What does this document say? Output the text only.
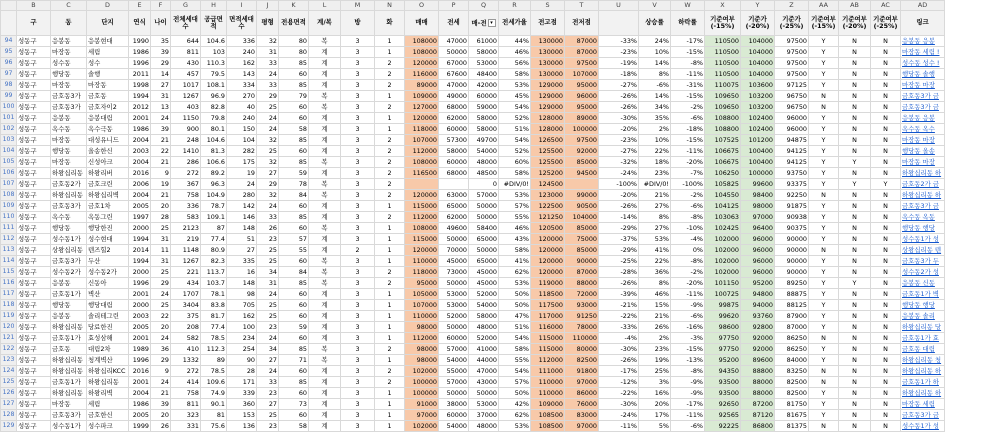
	B	C	D	E	F	G	H	I	J	K	L	M	N	O	P	Q	R	S	T	U	V	W	X	Y	Z	AA	AB	AC	AD
	구	동	단지	연식	나이	전체세대수	공급면적	면적세대수	평형	전용면적	계/복	방	화	매매	전세	매-전 ▾	전세가율	전고점	전저점		상승률	하락률	기준여부(-15%)	기준가(-20%)	기준가(-25%)	기준여부(-15%)	기준여부(-20%)	기준여부(-25%)	링크
94	성동구	응봉동	응봉현대	1990	35	644	104.6	336	32	80	복	3	1	108000	47000	61000	44%	130000	87000	-33%	24%	-17%	110500	104000	97500	Y	N	N	응봉동 응봉
95	성동구	마장동	세림	1986	39	811	103	240	31	80	계	3	1	108000	50000	58000	46%	130000	87000	-23%	10%	-15%	110500	104000	97500	Y	N	N	마장동 세림 !
96	성동구	성수동	성수	1996	29	430	110.3	162	33	85	계	3	2	120000	67000	53000	56%	130000	97500	-19%	14%	-8%	110500	104000	97500	Y	N	N	성수동 성수 !
97	성동구	행당동	솔행	2011	14	457	79.5	143	24	60	계	3	2	116000	67600	48400	58%	130000	107000	-18%	8%	-11%	110500	104000	97500	Y	N	N	행당동 솔행
98	성동구	마장동	마장동	1998	27	1017	108.1	334	33	85	계	3	2	89000	47000	42000	53%	129000	95000	-27%	-6%	-31%	110075	103600	97125	Y	N	N	마장동 마장
99	성동구	금호동3가	금호동	1994	31	1267	96.9	270	29	79	복	3	1	109000	49000	60000	45%	129000	96000	-26%	14%	-15%	109650	103200	96750	N	N	N	금호동3가 금
100	성동구	금호동3가	금호자이2	2012	13	403	82.8	40	25	60	복	3	2	127000	68000	59000	54%	129000	95000	-26%	34%	-2%	109650	103200	96750	N	N	N	금호동3가 금
101	성동구	응봉동	응봉대림	2001	24	1150	79.8	240	24	60	계	3	1	120000	62000	58000	52%	128000	89000	-30%	35%	-6%	108800	102400	96000	Y	N	N	응봉동 응봉
102	성동구	옥수동	옥수극동	1986	39	900	80.1	150	24	58	계	3	1	118000	60000	58000	51%	128000	100000	-20%	2%	-18%	108800	102400	96000	Y	N	N	옥수동 옥수
103	성동구	마장동	대성유니드	2004	21	248	104.6	104	32	85	계	3	2	107000	57300	49700	54%	126500	97500	-23%	10%	-15%	107525	101200	94875	Y	N	N	마장동 마장
104	성동구	행당동	올송한신	2003	22	1410	81.3	282	25	60	계	3	2	112000	58000	54000	52%	125500	92000	-27%	22%	-11%	106675	100400	94125	Y	N	N	행당동 올송
105	성동구	마장동	신성아크	2004	21	286	106.6	175	32	85	복	3	2	108000	60000	48000	60%	125500	85000	-32%	18%	-20%	106675	100400	94125	Y	Y	N	마장동 마장
106	성동구	하왕십리동	하왕리버	2016	9	272	89.2	19	27	59	계	3	2	116500	68000	48500	58%	125200	94500	-24%	23%	-7%	106250	100000	93750	Y	N	N	하왕십리동 하
107	성동구	금호동2가	금호크린	2006	19	367	96.3	24	29	78	복	3	2			0	#DIV/0!	124500		-100%	#DIV/0!	-100%	105825	99600	93375	Y	Y	Y	금호동2가 금
108	성동구	하왕십리동	하왕십리벽	2004	21	758	104.9	280	32	84	복	3	2	120000	63000	57000	53%	123000	99000	-20%	21%	-2%	104550	98400	92250	N	N	N	하왕십리동 하
109	성동구	금호동3가	금호1차	2005	20	336	78.7	142	24	60	계	3	1	115000	65000	50000	57%	122500	90500	-26%	27%	-6%	104125	98000	91875	Y	N	N	금호동3가 금
110	성동구	옥수동	옥동그린	1997	28	583	109.1	146	33	85	계	3	2	112000	62000	50000	55%	121250	104000	-14%	8%	-8%	103063	97000	90938	Y	N	N	옥수동 옥동
111	성동구	행당동	행당한진	2000	25	2123	87	148	26	60	복	3	1	108000	49600	58400	46%	120500	85000	-29%	27%	-10%	102425	96400	90375	Y	N	N	행당동 행당
112	성동구	성수동1가	성수현대	1994	31	219	77.4	51	23	57	계	3	1	115000	50000	65000	43%	120000	75000	-37%	53%	-4%	102000	96000	90000	Y	N	N	성수동1가 성
113	성동구	상왕십리동	텐즈힐2	2014	11	1148	80.9	27	25	55	계	2	1	120000	70000	50000	58%	120000	85000	-29%	41%	0%	102000	96000	90000	N	N	N	상왕십리동 텐
114	성동구	금호동3가	두산	1994	31	1267	82.3	335	25	60	복	3	1	110000	45000	65000	41%	120000	90000	-25%	22%	-8%	102000	96000	90000	Y	N	N	금호동3가 두
115	성동구	성수동2가	성수동2가	2000	25	221	113.7	16	34	84	복	3	2	118000	73000	45000	62%	120000	87000	-28%	36%	-2%	102000	96000	90000	Y	N	N	성수동2가 성
116	성동구	응봉동	신동아	1996	29	434	103.7	148	31	85	복	3	2	95000	50000	45000	53%	119000	88000	-26%	8%	-20%	101150	95200	89250	Y	Y	N	응봉동 신동
117	성동구	금호동1가	벽산	2001	24	1707	78.1	98	24	60	계	3	1	105000	53000	52000	50%	118500	72000	-39%	46%	-11%	100725	94800	88875	Y	N	N	금호동1가 벽
118	성동구	행당동	행당대림	2000	25	3404	83.8	705	25	60	계	3	1	107000	53000	54000	50%	117500	93000	-21%	15%	-9%	99875	94000	88125	Y	N	N	행당동 행당
119	성동구	응봉동	솔리테그린	2003	22	375	81.7	162	25	60	계	3	1	110000	52000	58000	47%	117000	91250	-22%	21%	-6%	99620	93760	87900	Y	N	N	응봉동 솔리
120	성동구	하왕십리동	당료한진	2005	20	208	77.4	100	23	59	계	3	1	98000	50000	48000	51%	116000	78000	-33%	26%	-16%	98600	92800	87000	Y	N	N	하왕십리동 당
121	성동구	금호동1가	효성삼해	2001	24	582	78.5	234	24	60	계	3	1	112000	60000	52000	54%	115000	110000	-4%	2%	-3%	97750	92000	86250	N	N	N	금호동1가 효
122	성동구	금호동	대림2차	1989	36	410	112.3	254	34	85	복	3	2	98000	57000	41000	58%	115000	80000	-30%	23%	-15%	97750	92000	86250	Y	N	N	금호동 대림
123	성동구	하왕십리동	청계벽산	1996	29	1332	89	90	27	71	복	3	1	98000	54000	44000	55%	112000	82500	-26%	19%	-13%	95200	89600	84000	Y	N	N	하왕십리동 청
124	성동구	하왕십리동	하왕십리KCC	2016	9	272	78.5	28	24	60	계	3	2	102000	55000	47000	54%	111000	91800	-17%	25%	-8%	94350	88800	83250	N	N	N	하왕십리동 하
125	성동구	금호동1가	하왕십리동	2001	24	414	109.6	171	33	85	계	3	2	100000	57000	43000	57%	110000	97000	-12%	3%	-9%	93500	88000	82500	N	N	N	금호동1가 하
126	성동구	하왕십리동	하왕리벽	2004	21	758	74.9	339	23	60	계	3	1	100000	50000	50000	50%	110000	86000	-22%	16%	-9%	93500	88000	82500	Y	N	N	하왕십리동 하
127	성동구	마장동	세림	1986	39	811	90.1	360	27	73	계	3	1	91000	38000	53000	42%	109000	76000	-30%	20%	-17%	92650	87200	81750	Y	N	N	마장동 세림
128	성동구	금호동3가	금호한신	2005	20	323	81	153	25	60	계	3	1	97000	60000	37000	62%	108500	83000	-24%	17%	-11%	92565	87120	81675	Y	N	N	금호동3가 금
129	성동구	성수동1가	성수파크	1999	26	331	75.6	136	23	58	계	3	1	102000	54000	48000	53%	108500	97000	-11%	5%	-6%	92225	86800	81375	N	N	N	성수동1가 성
